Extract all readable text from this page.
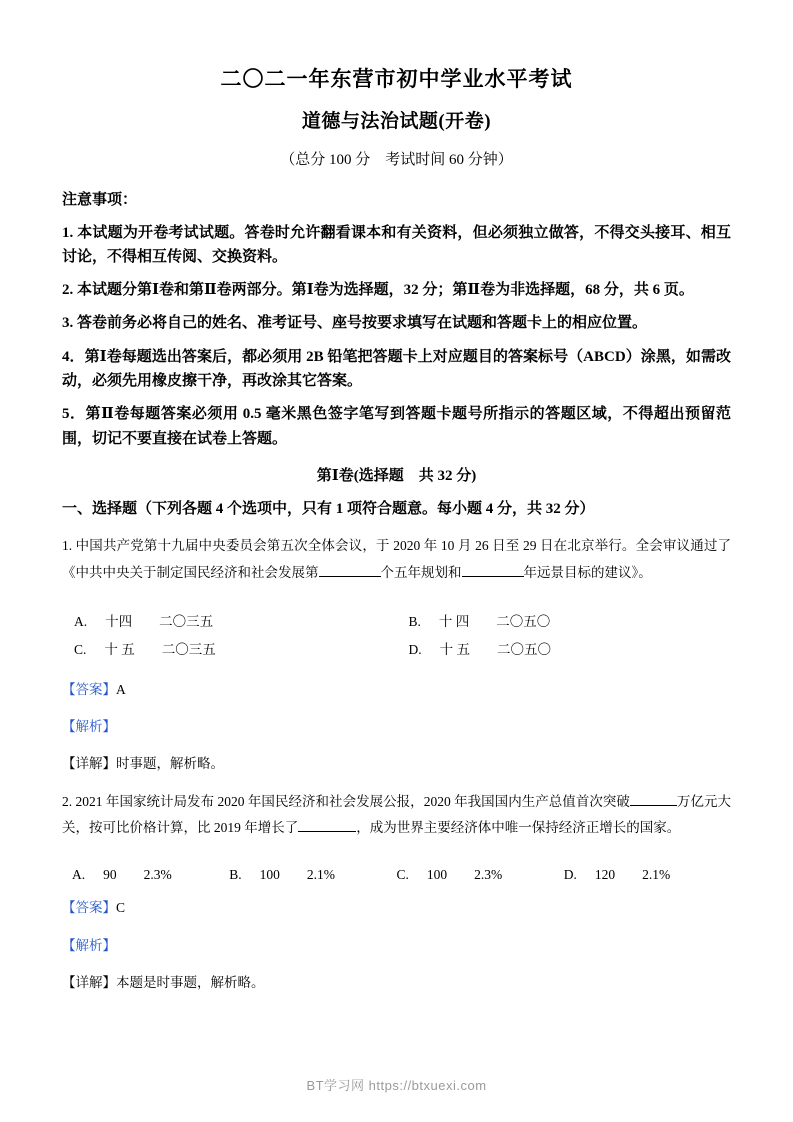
二〇二一年东营市初中学业水平考试
道德与法治试题(开卷)
（总分 100 分　考试时间 60 分钟）
注意事项：

1. 本试题为开卷考试试题。答卷时允许翻看课本和有关资料，但必须独立做答，不得交头接耳、相互讨论，不得相互传阅、交换资料。

2. 本试题分第Ⅰ卷和第Ⅱ卷两部分。第Ⅰ卷为选择题，32 分；第Ⅱ卷为非选择题，68 分，共 6 页。

3. 答卷前务必将自己的姓名、准考证号、座号按要求填写在试题和答题卡上的相应位置。

4．第Ⅰ卷每题选出答案后，都必须用 2B 铅笔把答题卡上对应题目的答案标号（ABCD）涂黑，如需改动，必须先用橡皮擦干净，再改涂其它答案。

5．第Ⅱ卷每题答案必须用 0.5 毫米黑色签字笔写到答题卡题号所指示的答题区域，不得超出预留范围，切记不要直接在试卷上答题。

第Ⅰ卷(选择题　共 32 分)
一、选择题（下列各题 4 个选项中，只有 1 项符合题意。每小题 4 分，共 32 分）
1. 中国共产党第十九届中央委员会第五次全体会议，于 2020 年 10 月 26 日至 29 日在北京举行。全会审议通过了《中共中央关于制定国民经济和社会发展第	个五年规划和	年远景目标的建议》。
A. 十四　　二〇三五	B. 十 四　　二〇五〇
C. 十 五　　二〇三五	D. 十 五　　二〇五〇
【答案】A
【解析】
【详解】时事题，解析略。
2. 2021 年国家统计局发布 2020 年国民经济和社会发展公报，2020 年我国国内生产总值首次突破	万亿元大关，按可比价格计算，比 2019 年增长了	，成为世界主要经济体中唯一保持经济正增长的国家。
A. 90　　2.3%	B. 100　　2.1%	C. 100　　2.3%	D. 120　　2.1%
【答案】C
【解析】
【详解】本题是时事题，解析略。
BT学习网 https://btxuexi.com
